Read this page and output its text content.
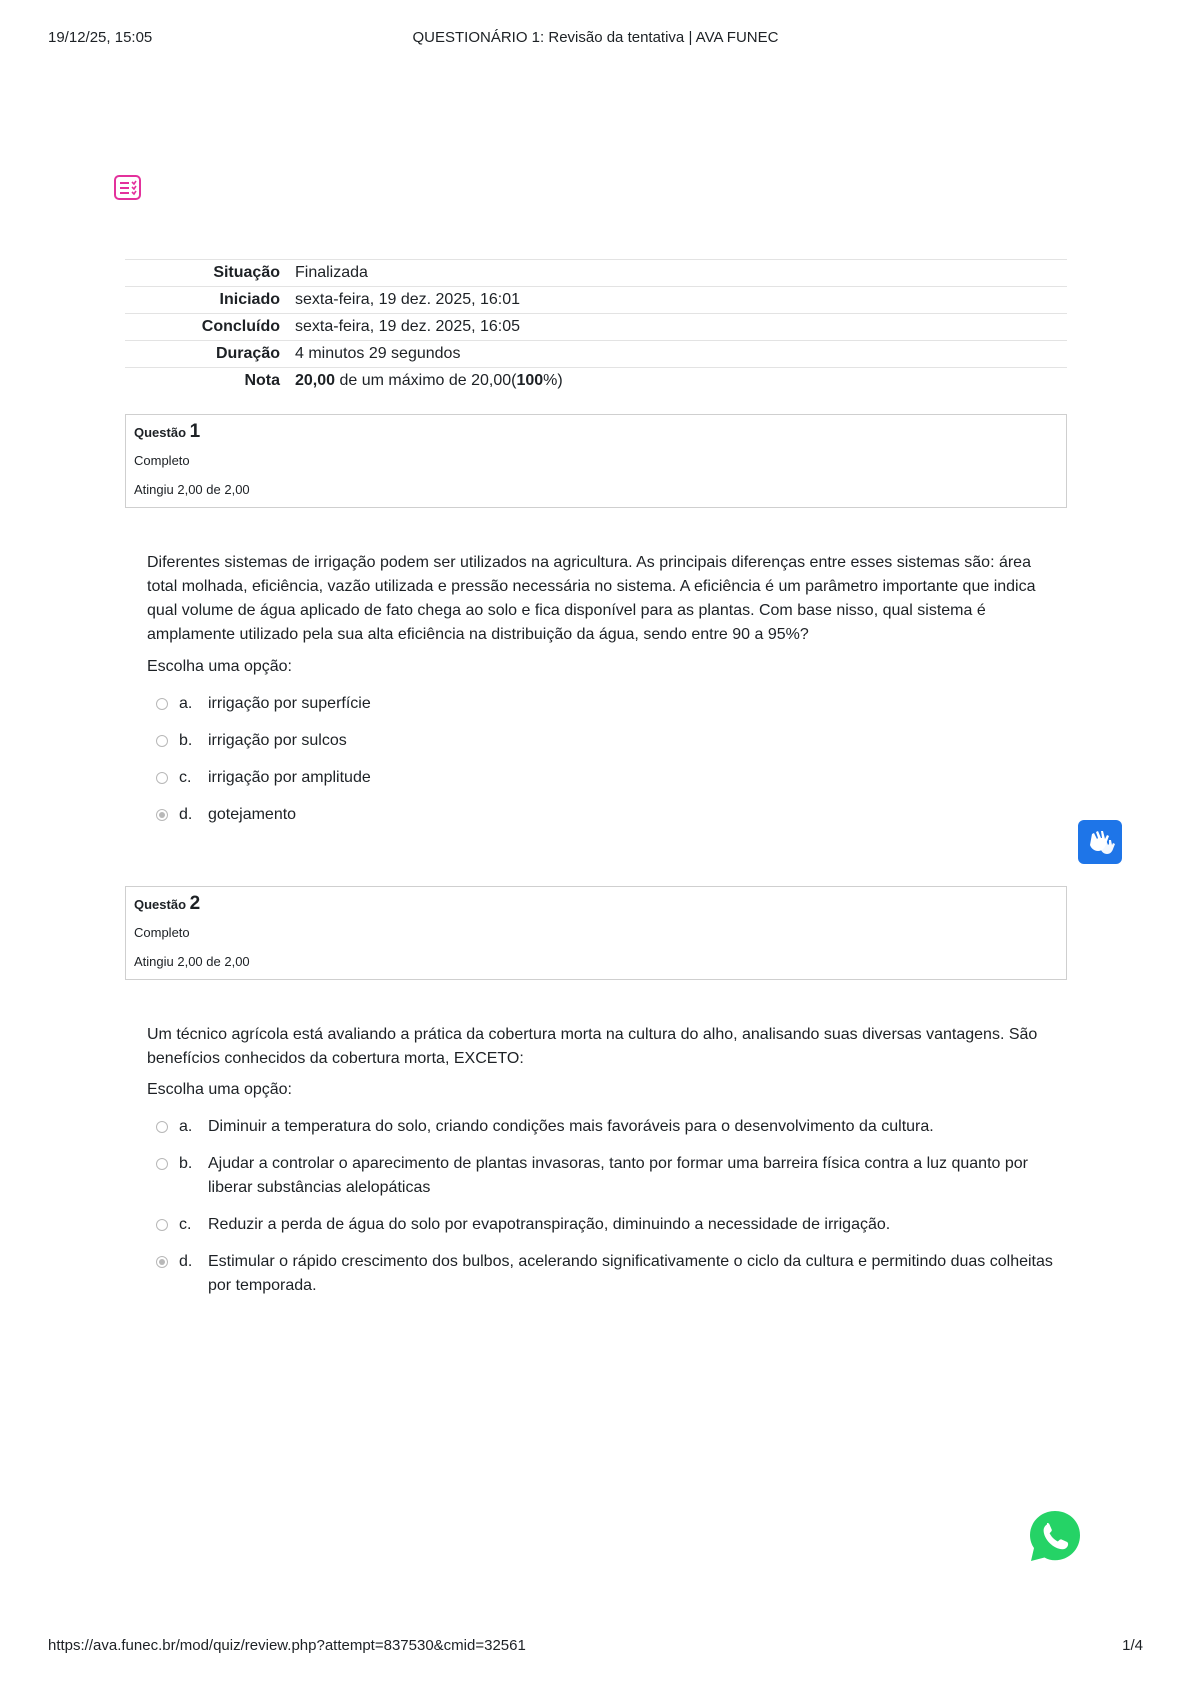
19/12/25, 15:05	QUESTIONÁRIO 1: Revisão da tentativa | AVA FUNEC
Situação Finalizada
Iniciado sexta-feira, 19 dez. 2025, 16:01
Concluído sexta-feira, 19 dez. 2025, 16:05
Duração 4 minutos 29 segundos
Nota 20,00 de um máximo de 20,00(100%)
Questão 1
Completo
Atingiu 2,00 de 2,00
Diferentes sistemas de irrigação podem ser utilizados na agricultura. As principais diferenças entre esses sistemas são: área total molhada, eficiência, vazão utilizada e pressão necessária no sistema. A eficiência é um parâmetro importante que indica qual volume de água aplicado de fato chega ao solo e fica disponível para as plantas. Com base nisso, qual sistema é amplamente utilizado pela sua alta eficiência na distribuição da água, sendo entre 90 a 95%?
Escolha uma opção:
a. irrigação por superfície
b. irrigação por sulcos
c. irrigação por amplitude
d. gotejamento
Questão 2
Completo
Atingiu 2,00 de 2,00
Um técnico agrícola está avaliando a prática da cobertura morta na cultura do alho, analisando suas diversas vantagens. São benefícios conhecidos da cobertura morta, EXCETO:
Escolha uma opção:
a. Diminuir a temperatura do solo, criando condições mais favoráveis para o desenvolvimento da cultura.
b. Ajudar a controlar o aparecimento de plantas invasoras, tanto por formar uma barreira física contra a luz quanto por liberar substâncias alelopáticas
c. Reduzir a perda de água do solo por evapotranspiração, diminuindo a necessidade de irrigação.
d. Estimular o rápido crescimento dos bulbos, acelerando significativamente o ciclo da cultura e permitindo duas colheitas por temporada.
https://ava.funec.br/mod/quiz/review.php?attempt=837530&cmid=32561	1/4
